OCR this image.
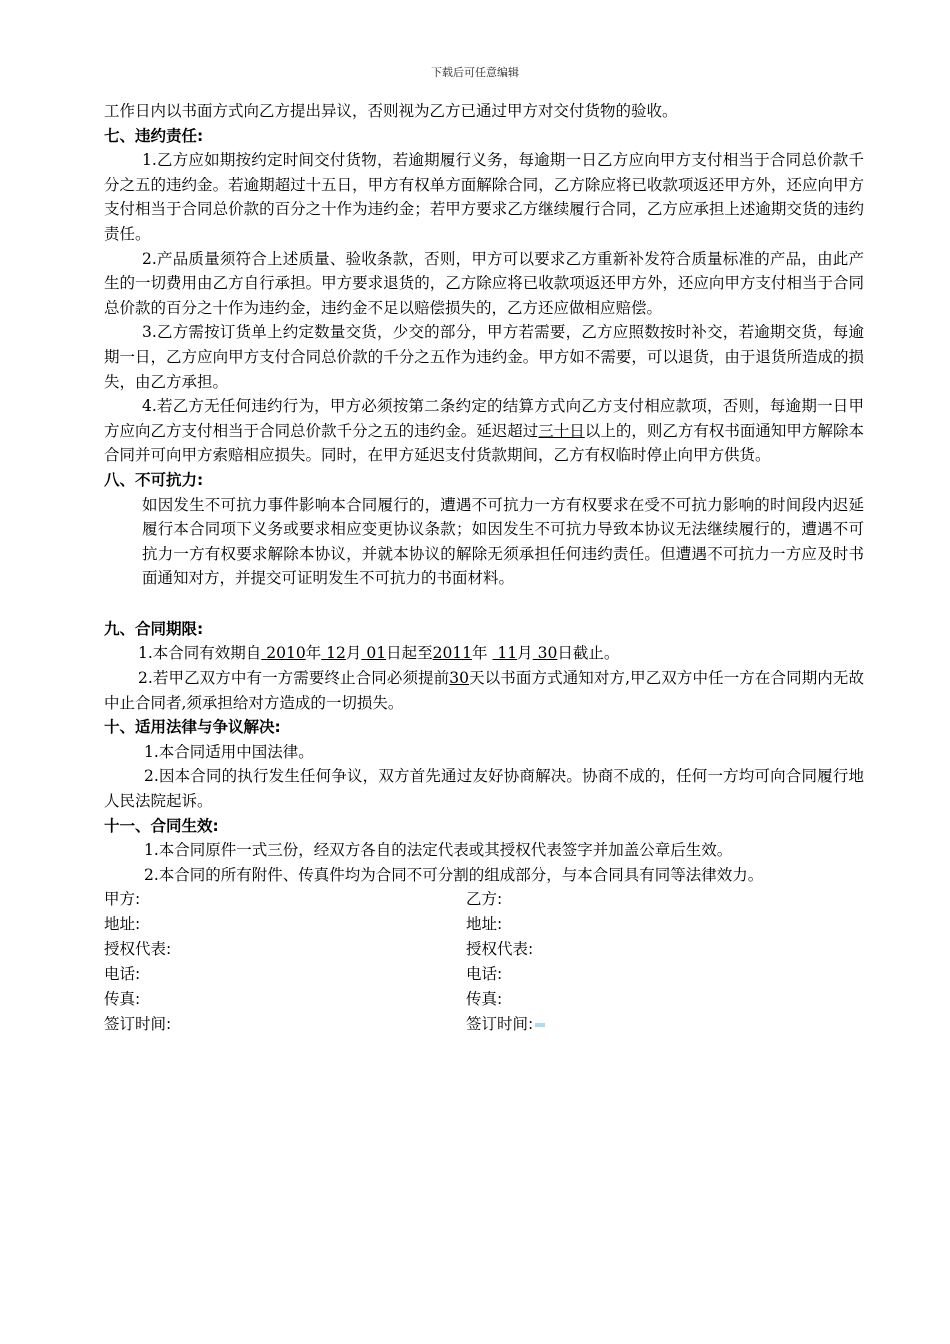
下载后可任意编辑

工作日内以书面方式向乙方提出异议，否则视为乙方已通过甲方对交付货物的验收。

七、违约责任:

1.乙方应如期按约定时间交付货物，若逾期履行义务，每逾期一日乙方应向甲方支付相当于合同总价款千分之五的违约金。若逾期超过十五日，甲方有权单方面解除合同，乙方除应将已收款项返还甲方外，还应向甲方支付相当于合同总价款的百分之十作为违约金；若甲方要求乙方继续履行合同，乙方应承担上述逾期交货的违约责任。

2.产品质量须符合上述质量、验收条款，否则，甲方可以要求乙方重新补发符合质量标准的产品，由此产生的一切费用由乙方自行承担。甲方要求退货的，乙方除应将已收款项返还甲方外，还应向甲方支付相当于合同总价款的百分之十作为违约金，违约金不足以赔偿损失的，乙方还应做相应赔偿。

3.乙方需按订货单上约定数量交货，少交的部分，甲方若需要，乙方应照数按时补交，若逾期交货，每逾期一日，乙方应向甲方支付合同总价款的千分之五作为违约金。甲方如不需要，可以退货，由于退货所造成的损失，由乙方承担。

4.若乙方无任何违约行为，甲方必须按第二条约定的结算方式向乙方支付相应款项，否则，每逾期一日甲方应向乙方支付相当于合同总价款千分之五的违约金。延迟超过三十日以上的，则乙方有权书面通知甲方解除本合同并可向甲方索赔相应损失。同时，在甲方延迟支付货款期间，乙方有权临时停止向甲方供货。

八、不可抗力:

如因发生不可抗力事件影响本合同履行的，遭遇不可抗力一方有权要求在受不可抗力影响的时间段内迟延履行本合同项下义务或要求相应变更协议条款；如因发生不可抗力导致本协议无法继续履行的，遭遇不可抗力一方有权要求解除本协议，并就本协议的解除无须承担任何违约责任。但遭遇不可抗力一方应及时书面通知对方，并提交可证明发生不可抗力的书面材料。

九、合同期限:

1.本合同有效期自 2010年 12月 01日起至2011年 11月 30日截止。

2.若甲乙双方中有一方需要终止合同必须提前30天以书面方式通知对方,甲乙双方中任一方在合同期内无故中止合同者,须承担给对方造成的一切损失。

十、适用法律与争议解决:

1.本合同适用中国法律。

2.因本合同的执行发生任何争议，双方首先通过友好协商解决。协商不成的，任何一方均可向合同履行地人民法院起诉。

十一、合同生效:

1.本合同原件一式三份，经双方各自的法定代表或其授权代表签字并加盖公章后生效。

2.本合同的所有附件、传真件均为合同不可分割的组成部分，与本合同具有同等法律效力。

甲方:	乙方:
地址:	地址:
授权代表:	授权代表:
电话:	电话:
传真:	传真:
签订时间:	签订时间:
